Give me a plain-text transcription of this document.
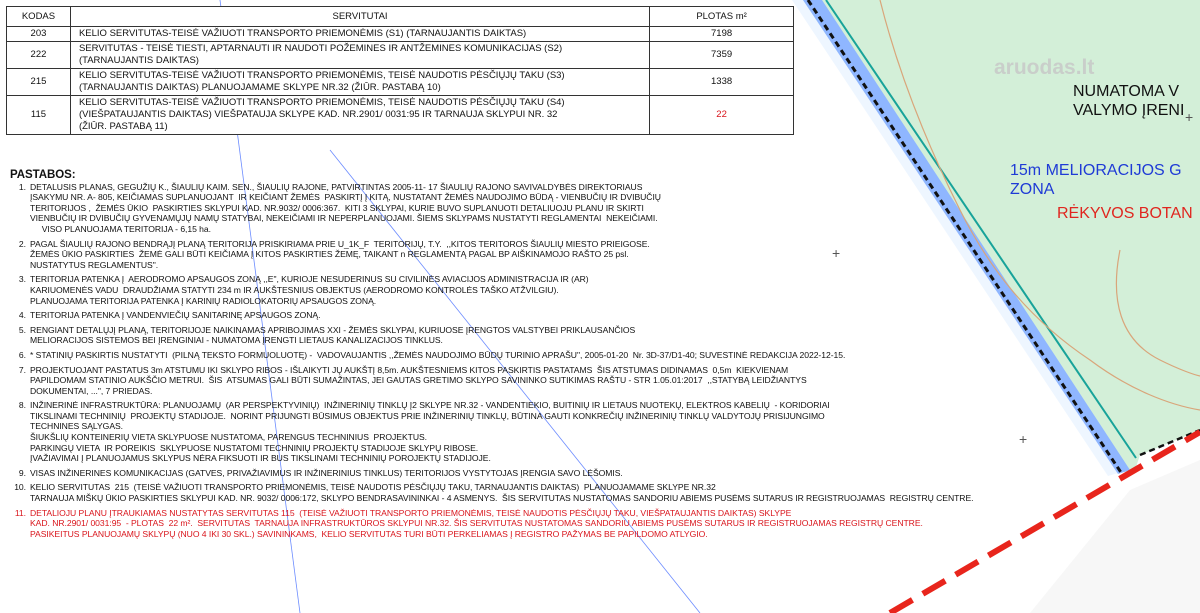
aruodas.lt
NUMATOMA V
VALYMO ĮRENI
15m MELIORACIJOS G
ZONA
RĖKYVOS BOTAN
+
+
+
KODAS	SERVITUTAI	PLOTAS m²
203	KELIO SERVITUTAS-TEISĖ VAŽIUOTI TRANSPORTO PRIEMONĖMIS (S1) (TARNAUJANTIS DAIKTAS)	7198
222	SERVITUTAS - TEISĖ TIESTI, APTARNAUTI IR NAUDOTI POŽEMINES IR ANTŽEMINES KOMUNIKACIJAS (S2)
(TARNAUJANTIS DAIKTAS)	7359
215	KELIO SERVITUTAS-TEISĖ VAŽIUOTI TRANSPORTO PRIEMONĖMIS, TEISĖ NAUDOTIS PĖSČIŲJŲ TAKU (S3)
(TARNAUJANTIS DAIKTAS) PLANUOJAMAME SKLYPE NR.32 (ŽIŪR. PASTABĄ 10)	1338
115	KELIO SERVITUTAS-TEISĖ VAŽIUOTI TRANSPORTO PRIEMONĖMIS, TEISĖ NAUDOTIS PĖSČIŲJŲ TAKU (S4)
(VIEŠPATAUJANTIS DAIKTAS) VIEŠPATAUJA SKLYPE KAD. NR.2901/ 0031:95 IR TARNAUJA SKLYPUI NR. 32
(ŽIŪR. PASTABĄ 11)	22
PASTABOS:
1. DETALUSIS PLANAS, GEGUŽIŲ K., ŠIAULIŲ KAIM. SEN., ŠIAULIŲ RAJONE, PATVIRTINTAS 2005-11- 17 ŠIAULIŲ RAJONO SAVIVALDYBĖS DIREKTORIAUS

ĮSAKYMU NR. A- 805, KEIČIAMAS SUPLANUOJANT  IR KEIČIANT ŽEMĖS  PASKIRTĮ Į KITĄ, NUSTATANT ŽEMĖS NAUDOJIMO BŪDĄ - VIENBUČIŲ IR DVIBUČIŲ

TERITORIJOS ,  ŽEMĖS ŪKIO  PASKIRTIES SKLYPUI KAD. NR.9032/ 0006:367.  KITI 3 SKLYPAI, KURIE BUVO SUPLANUOTI DETALIUOJU PLANU IR SKIRTI

VIENBUČIŲ IR DVIBUČIŲ GYVENAMŲJŲ NAMŲ STATYBAI, NEKEIČIAMI IR NEPERPLANUOJAMI. ŠIEMS SKLYPAMS NUSTATYTI REGLAMENTAI  NEKEIČIAMI.

VISO PLANUOJAMA TERITORIJA - 6,15 ha.

2. PAGAL ŠIAULIŲ RAJONO BENDRĄJĮ PLANĄ TERITORIJA PRISKIRIAMA PRIE U_1K_F  TERITORIJŲ, T.Y.  ,,KITOS TERITOROS ŠIAULIŲ MIESTO PRIEIGOSE.

ŽEMĖS ŪKIO PASKIRTIES  ŽEMĖ GALI BŪTI KEIČIAMA Į KITOS PASKIRTIES ŽEMĘ, TAIKANT n REGLAMENTĄ PAGAL BP AIŠKINAMOJO RAŠTO 25 psl.

NUSTATYTUS REGLAMENTUS".

3. TERITORIJA PATENKA Į  AERODROMO APSAUGOS ZONĄ ,,E", KURIOJE NESUDERINUS SU CIVILINĖS AVIACIJOS ADMINISTRACIJA IR (AR)

KARIUOMENĖS VADU  DRAUDŽIAMA STATYTI 234 m IR AUKŠTESNIUS OBJEKTUS (AERODROMO KONTROLĖS TAŠKO ATŽVILGIU).

PLANUOJAMA TERITORIJA PATENKA Į KARINIŲ RADIOLOKATORIŲ APSAUGOS ZONĄ.

4. TERITORIJA PATENKA Į VANDENVIEČIŲ SANITARINĘ APSAUGOS ZONĄ.

5. RENGIANT DETALŲJĮ PLANĄ, TERITORIJOJE NAIKINAMAS APRIBOJIMAS XXI - ŽEMĖS SKLYPAI, KURIUOSE ĮRENGTOS VALSTYBEI PRIKLAUSANČIOS

MELIORACIJOS SISTEMOS BEI ĮRENGINIAI - NUMATOMA ĮRENGTI LIETAUS KANALIZACIJOS TINKLUS.

6. * STATINIŲ PASKIRTIS NUSTATYTI  (PILNĄ TEKSTO FORMUOLUOTĘ) -  VADOVAUJANTIS ,,ŽEMĖS NAUDOJIMO BŪDŲ TURINIO APRAŠU", 2005-01-20  Nr. 3D-37/D1-40; SUVESTINĖ REDAKCIJA 2022-12-15.

7. PROJEKTUOJANT PASTATUS 3m ATSTUMU IKI SKLYPO RIBOS - IŠLAIKYTI JŲ AUKŠTĮ 8,5m. AUKŠTESNIEMS KITOS PASKIRTIS PASTATAMS  ŠIS ATSTUMAS DIDINAMAS  0,5m  KIEKVIENAM

PAPILDOMAM STATINIO AUKŠČIO METRUI.  ŠIS  ATSUMAS GALI BŪTI SUMAŽINTAS, JEI GAUTAS GRETIMO SKLYPO SAVININKO SUTIKIMAS RAŠTU - STR 1.05.01:2017  ,,STATYBĄ LEIDŽIANTYS

DOKUMENTAI, ...", 7 PRIEDAS.

8. INŽINERINĖ INFRASTRUKTŪRA: PLANUOJAMŲ  (AR PERSPEKTYVINIŲ)  INŽINERINIŲ TINKLŲ Į2 SKLYPE NR.32 - VANDENTIEKIO, BUITINIŲ IR LIETAUS NUOTEKŲ, ELEKTROS KABELIŲ  - KORIDORIAI

TIKSLINAMI TECHNINIŲ  PROJEKTŲ STADIJOJE.  NORINT PRIJUNGTI BŪSIMUS OBJEKTUS PRIE INŽINERINIŲ TINKLŲ, BŪTINA GAUTI KONKREČIŲ INŽINERINIŲ TINKLŲ VALDYTOJŲ PRISIJUNGIMO

TECHNINES SĄLYGAS.

ŠIUKŠLIŲ KONTEINERIŲ VIETA SKLYPUOSE NUSTATOMA, PARENGUS TECHNINIUS  PROJEKTUS.

PARKINGŲ VIETA  IR POREIKIS  SKLYPUOSE NUSTATOMI TECHNINIŲ PROJEKTŲ STADIJOJE SKLYPŲ RIBOSE.

ĮVAŽIAVIMAI Į PLANUOJAMUS SKLYPUS NĖRA FIKSUOTI IR BUS TIKSLINAMI TECHNINIŲ POROJEKTŲ STADIJOJE.

9. VISAS INŽINERINES KOMUNIKACIJAS (GATVES, PRIVAŽIAVIMUS IR INŽINERINIUS TINKLUS) TERITORIJOS VYSTYTOJAS ĮRENGIA SAVO LĖŠOMIS.

10. KELIO SERVITUTAS  215  (TEISĖ VAŽIUOTI TRANSPORTO PRIEMONĖMIS, TEISĖ NAUDOTIS PĖSČIŲJŲ TAKU, TARNAUJANTIS DAIKTAS)  PLANUOJAMAME SKLYPE NR.32

TARNAUJA MIŠKŲ ŪKIO PASKIRTIES SKLYPUI KAD. NR. 9032/ 0006:172, SKLYPO BENDRASAVININKAI - 4 ASMENYS.  ŠIS SERVITUTAS NUSTATOMAS SANDORIU ABIEMS PUSĖMS SUTARUS IR REGISTRUOJAMAS  REGISTRŲ CENTRE.

11. DETALIOJU PLANU ĮTRAUKIAMAS NUSTATYTAS SERVITUTAS 115  (TEISĖ VAŽIUOTI TRANSPORTO PRIEMONĖMIS, TEISĖ NAUDOTIS PĖSČIŲJŲ TAKU, VIEŠPATAUJANTIS DAIKTAS) SKLYPE

KAD. NR.2901/ 0031:95  - PLOTAS  22 m².  SERVITUTAS  TARNAUJA INFRASTRUKTŪROS SKLYPUI NR.32. ŠIS SERVITUTAS NUSTATOMAS SANDORIU ABIEMS PUSĖMS SUTARUS IR REGISTRUOJAMAS REGISTRŲ CENTRE.

PASIKEITUS PLANUOJAMŲ SKLYPŲ (NUO 4 IKI 30 SKL.) SAVININKAMS,  KELIO SERVITUTAS TURI BŪTI PERKELIAMAS Į REGISTRO PAŽYMAS BE PAPILDOMO ATLYGIO.
